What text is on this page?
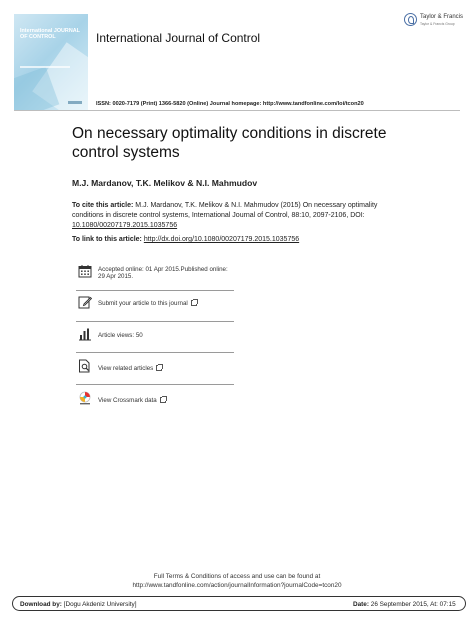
International JOURNAL OF CONTROL	International Journal of Control
Taylor & Francis
Taylor & Francis Group
ISSN: 0020-7179 (Print) 1366-5820 (Online) Journal homepage: http://www.tandfonline.com/loi/tcon20
On necessary optimality conditions in discrete control systems
M.J. Mardanov, T.K. Melikov & N.I. Mahmudov
To cite this article: M.J. Mardanov, T.K. Melikov & N.I. Mahmudov (2015) On necessary optimality conditions in discrete control systems, International Journal of Control, 88:10, 2097-2106, DOI: 10.1080/00207179.2015.1035756
To link to this article: http://dx.doi.org/10.1080/00207179.2015.1035756
Accepted online: 01 Apr 2015.Published online: 29 Apr 2015.
Submit your article to this journal
Article views: 50
View related articles
View Crossmark data
Full Terms & Conditions of access and use can be found at
http://www.tandfonline.com/action/journalInformation?journalCode=tcon20
Download by: [Dogu Akdeniz University]	Date: 26 September 2015, At: 07:15
